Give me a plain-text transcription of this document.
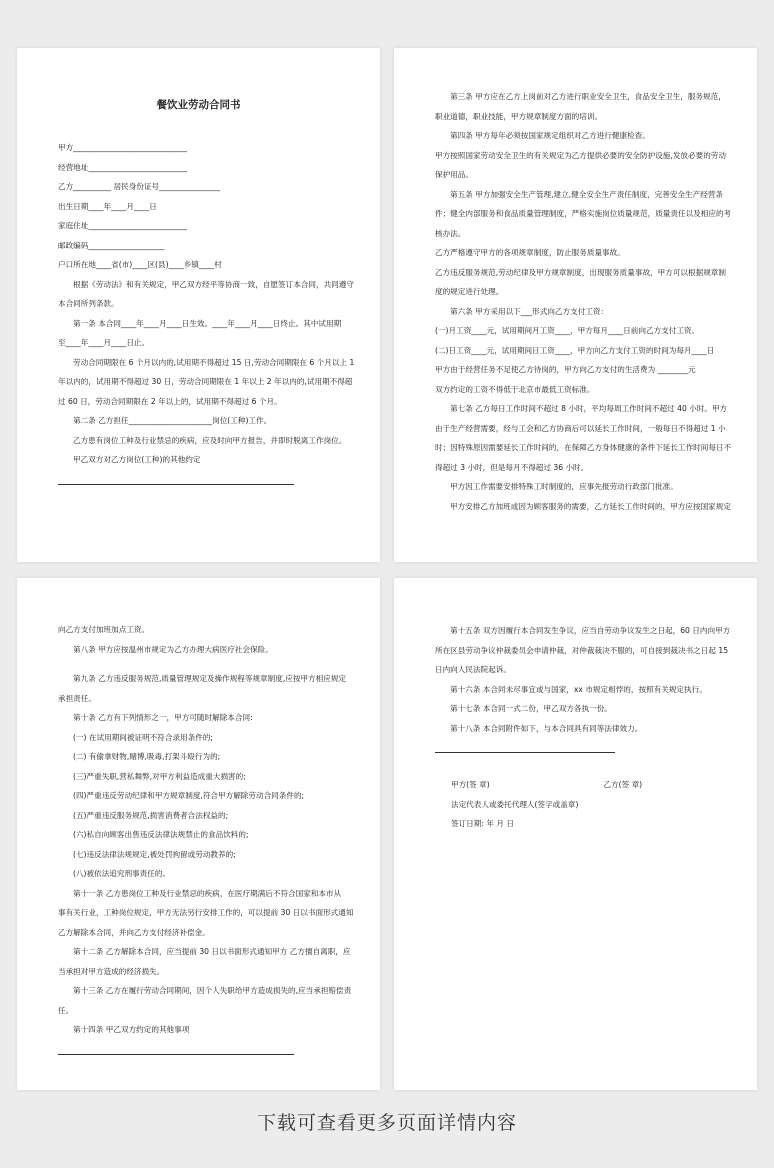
餐饮业劳动合同书
甲方______________________________
经营地址__________________________
乙方__________ 居民身份证号________________
出生日期____年____月____日
家庭住址__________________________
邮政编码____________________
户口所在地____省(市)____区(县)____乡镇____村
根据《劳动法》和有关规定，甲乙双方经平等协商一致，自愿签订本合同，共同遵守
本合同所列条款。
第一条 本合同____年____月____日生效。____年____月____日终止。其中试用期
至____年____月____日止。
劳动合同期限在 6 个月以内的,试用期不得超过 15 日,劳动合同期限在 6 个月以上 1
年以内的，试用期不得超过 30 日，劳动合同期限在 1 年以上 2 年以内的,试用期不得超
过 60 日，劳动合同期限在 2 年以上的，试用期不得超过 6 个月。
第二条 乙方担任______________________岗位(工种)工作。
乙方患有岗位工种及行业禁忌的疾病，应及时向甲方报告，并即时脱离工作岗位。
甲乙双方对乙方岗位(工种)的其他约定
第三条 甲方应在乙方上岗前对乙方进行职业安全卫生，食品安全卫生，服务规范，
职业道德，职业技能，甲方规章制度方面的培训。
第四条 甲方每年必须按国家规定组织对乙方进行健康检查。
甲方按照国家劳动安全卫生的有关规定为乙方提供必要的安全防护设施,发放必要的劳动
保护用品。
第五条 甲方加强安全生产管理,建立,健全安全生产责任制度，完善安全生产经营条
件；健全内部服务和食品质量管理制度，严格实施岗位质量规范，质量责任以及相应的考
核办法。
乙方严格遵守甲方的各项规章制度，防止服务质量事故。
乙方违反服务规范,劳动纪律及甲方规章制度，出现服务质量事故，甲方可以根据规章制
度的规定进行处理。
第六条 甲方采用以下___形式向乙方支付工资：
(一)月工资____元，试用期间月工资____，甲方每月____日前向乙方支付工资。
(二)日工资____元，试用期间日工资____，甲方向乙方支付工资的时间为每月____日
甲方由于经营任务不足使乙方待岗的，甲方向乙方支付的生活费为 ________元
双方约定的工资不得低于北京市最低工资标准。
第七条 乙方每日工作时间不超过 8 小时，平均每周工作时间不超过 40 小时。甲方
由于生产经营需要，经与工会和乙方协商后可以延长工作时间，一般每日不得超过 1 小
时；因特殊原因需要延长工作时间的，在保障乙方身体健康的条件下延长工作时间每日不
得超过 3 小时，但是每月不得超过 36 小时。
甲方因工作需要安排特殊工时制度的，应事先报劳动行政部门批准。
甲方安排乙方加班或因为顾客服务的需要，乙方延长工作时间的，甲方应按国家规定
向乙方支付加班加点工资。
第八条 甲方应按温州市规定为乙方办理大病医疗社会保险。
第九条 乙方违反服务规范,质量管理规定及操作规程等规章制度,应按甲方相应规定
承担责任。
第十条 乙方有下列情形之一，甲方可随时解除本合同:
(一) 在试用期间被证明不符合录用条件的;
(二) 有偷拿财物,赌博,吸毒,打架斗殴行为的;
(三)严重失职,营私舞弊,对甲方利益造成重大损害的;
(四)严重违反劳动纪律和甲方规章制度,符合甲方解除劳动合同条件的;
(五)严重违反服务规范,损害消费者合法权益的;
(六)私自向顾客出售违反法律法规禁止的食品饮料的;
(七)违反法律法规规定,被处罚拘留或劳动教养的;
(八)被依法追究刑事责任的。
第十一条 乙方患岗位工种及行业禁忌的疾病，在医疗期满后不符合国家和本市从
事有关行业，工种岗位规定，甲方无法另行安排工作的，可以提前 30 日以书面形式通知
乙方解除本合同，并向乙方支付经济补偿金。
第十二条 乙方解除本合同，应当提前 30 日以书面形式通知甲方 乙方擅自离职，应
当承担对甲方造成的经济损失。
第十三条 乙方在履行劳动合同期间，因个人失职给甲方造成损失的,应当承担赔偿责
任。
第十四条 甲乙双方约定的其他事项
第十五条 双方因履行本合同发生争议，应当自劳动争议发生之日起，60 日内向甲方
所在区县劳动争议仲裁委员会申请仲裁，对仲裁裁决不服的，可自接到裁决书之日起 15
日内向人民法院起诉。
第十六条 本合同未尽事宜或与国家，xx 市规定相悖的，按照有关规定执行。
第十七条 本合同一式二份，甲乙双方各执一份。
第十八条 本合同附件如下，与本合同具有同等法律效力。
甲方(签 章)	乙方(签 章)
法定代表人或委托代理人(签字或盖章)
签订日期: 年 月 日
下载可查看更多页面详情内容
